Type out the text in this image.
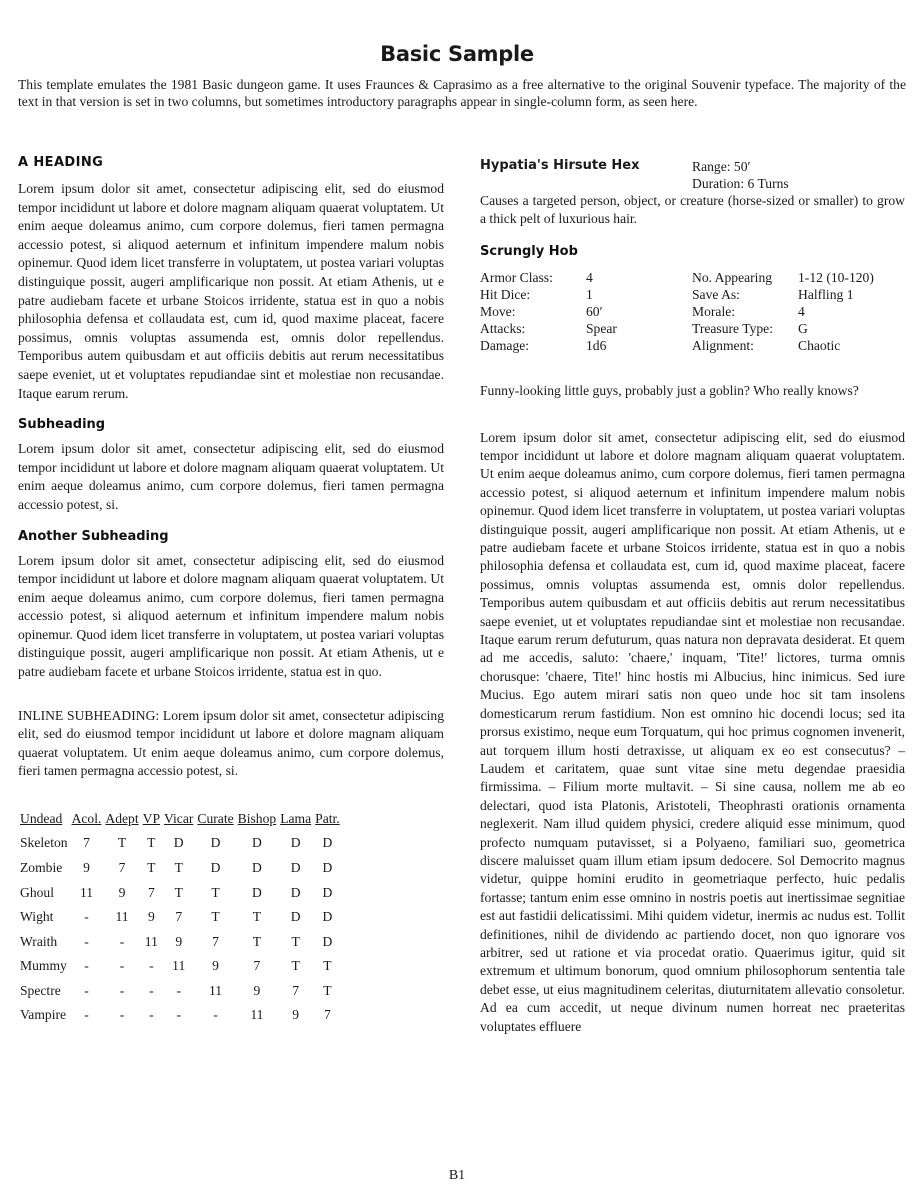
Basic Sample

This template emulates the 1981 Basic dungeon game. It uses Fraunces & Caprasimo as a free alternative to the original Souvenir typeface. The majority of the text in that version is set in two columns, but sometimes introductory paragraphs appear in single-column form, as seen here.

A HEADING

Lorem ipsum dolor sit amet, consectetur adipiscing elit, sed do eiusmod tempor incididunt ut labore et dolore magnam aliquam quaerat voluptatem. Ut enim aeque doleamus animo, cum corpore dolemus, fieri tamen permagna accessio potest, si aliquod aeternum et infinitum impendere malum nobis opinemur. Quod idem licet transferre in voluptatem, ut postea variari voluptas distinguique possit, augeri amplificarique non possit. At etiam Athenis, ut e patre audiebam facete et urbane Stoicos irridente, statua est in quo a nobis philosophia defensa et collaudata est, cum id, quod maxime placeat, facere possimus, omnis voluptas assumenda est, omnis dolor repellendus. Temporibus autem quibusdam et aut officiis debitis aut rerum necessitatibus saepe eveniet, ut et voluptates repudiandae sint et molestiae non recusandae. Itaque earum rerum.

Subheading

Lorem ipsum dolor sit amet, consectetur adipiscing elit, sed do eiusmod tempor incididunt ut labore et dolore magnam aliquam quaerat voluptatem. Ut enim aeque doleamus animo, cum corpore dolemus, fieri tamen permagna accessio potest, si.

Another Subheading

Lorem ipsum dolor sit amet, consectetur adipiscing elit, sed do eiusmod tempor incididunt ut labore et dolore magnam aliquam quaerat voluptatem. Ut enim aeque doleamus animo, cum corpore dolemus, fieri tamen permagna accessio potest, si aliquod aeternum et infinitum impendere malum nobis opinemur. Quod idem licet transferre in voluptatem, ut postea variari voluptas distinguique possit, augeri amplificarique non possit. At etiam Athenis, ut e patre audiebam facete et urbane Stoicos irridente, statua est in quo.

INLINE SUBHEADING: Lorem ipsum dolor sit amet, consectetur adipiscing elit, sed do eiusmod tempor incididunt ut labore et dolore magnam aliquam quaerat voluptatem. Ut enim aeque doleamus animo, cum corpore dolemus, fieri tamen permagna accessio potest, si.

Undead	Acol.	Adept	VP	Vicar	Curate	Bishop	Lama	Patr.
Skeleton	7	T	T	D	D	D	D	D
Zombie	9	7	T	T	D	D	D	D
Ghoul	11	9	7	T	T	D	D	D
Wight	-	11	9	7	T	T	D	D
Wraith	-	-	11	9	7	T	T	D
Mummy	-	-	-	11	9	7	T	T
Spectre	-	-	-	-	11	9	7	T
Vampire	-	-	-	-	-	11	9	7
Hypatia's Hirsute Hex	Range: 50′
Duration: 6 Turns

Causes a targeted person, object, or creature (horse-sized or smaller) to grow a thick pelt of luxurious hair.

Scrungly Hob
Armor Class:	4	No. Appearing	1-12 (10-120)
Hit Dice:	1	Save As:	Halfling 1
Move:	60′	Morale:	4
Attacks:	Spear	Treasure Type:	G
Damage:	1d6	Alignment:	Chaotic

Funny-looking little guys, probably just a goblin? Who really knows?

Lorem ipsum dolor sit amet, consectetur adipiscing elit, sed do eiusmod tempor incididunt ut labore et dolore magnam aliquam quaerat voluptatem. Ut enim aeque doleamus animo, cum corpore dolemus, fieri tamen permagna accessio potest, si aliquod aeternum et infinitum impendere malum nobis opinemur. Quod idem licet transferre in voluptatem, ut postea variari voluptas distinguique possit, augeri amplificarique non possit. At etiam Athenis, ut e patre audiebam facete et urbane Stoicos irridente, statua est in quo a nobis philosophia defensa et collaudata est, cum id, quod maxime placeat, facere possimus, omnis voluptas assumenda est, omnis dolor repellendus. Temporibus autem quibusdam et aut officiis debitis aut rerum necessitatibus saepe eveniet, ut et voluptates repudiandae sint et molestiae non recusandae. Itaque earum rerum defuturum, quas natura non depravata desiderat. Et quem ad me accedis, saluto: 'chaere,' inquam, 'Tite!' lictores, turma omnis chorusque: 'chaere, Tite!' hinc hostis mi Albucius, hinc inimicus. Sed iure Mucius. Ego autem mirari satis non queo unde hoc sit tam insolens domesticarum rerum fastidium. Non est omnino hic docendi locus; sed ita prorsus existimo, neque eum Torquatum, qui hoc primus cognomen invenerit, aut torquem illum hosti detraxisse, ut aliquam ex eo est consecutus? – Laudem et caritatem, quae sunt vitae sine metu degendae praesidia firmissima. – Filium morte multavit. – Si sine causa, nollem me ab eo delectari, quod ista Platonis, Aristoteli, Theophrasti orationis ornamenta neglexerit. Nam illud quidem physici, credere aliquid esse minimum, quod profecto numquam putavisset, si a Polyaeno, familiari suo, geometrica discere maluisset quam illum etiam ipsum dedocere. Sol Democrito magnus videtur, quippe homini erudito in geometriaque perfecto, huic pedalis fortasse; tantum enim esse omnino in nostris poetis aut inertissimae segnitiae est aut fastidii delicatissimi. Mihi quidem videtur, inermis ac nudus est. Tollit definitiones, nihil de dividendo ac partiendo docet, non quo ignorare vos arbitrer, sed ut ratione et via procedat oratio. Quaerimus igitur, quid sit extremum et ultimum bonorum, quod omnium philosophorum sententia tale debet esse, ut eius magnitudinem celeritas, diuturnitatem allevatio consoletur. Ad ea cum accedit, ut neque divinum numen horreat nec praeteritas voluptates effluere

B1
